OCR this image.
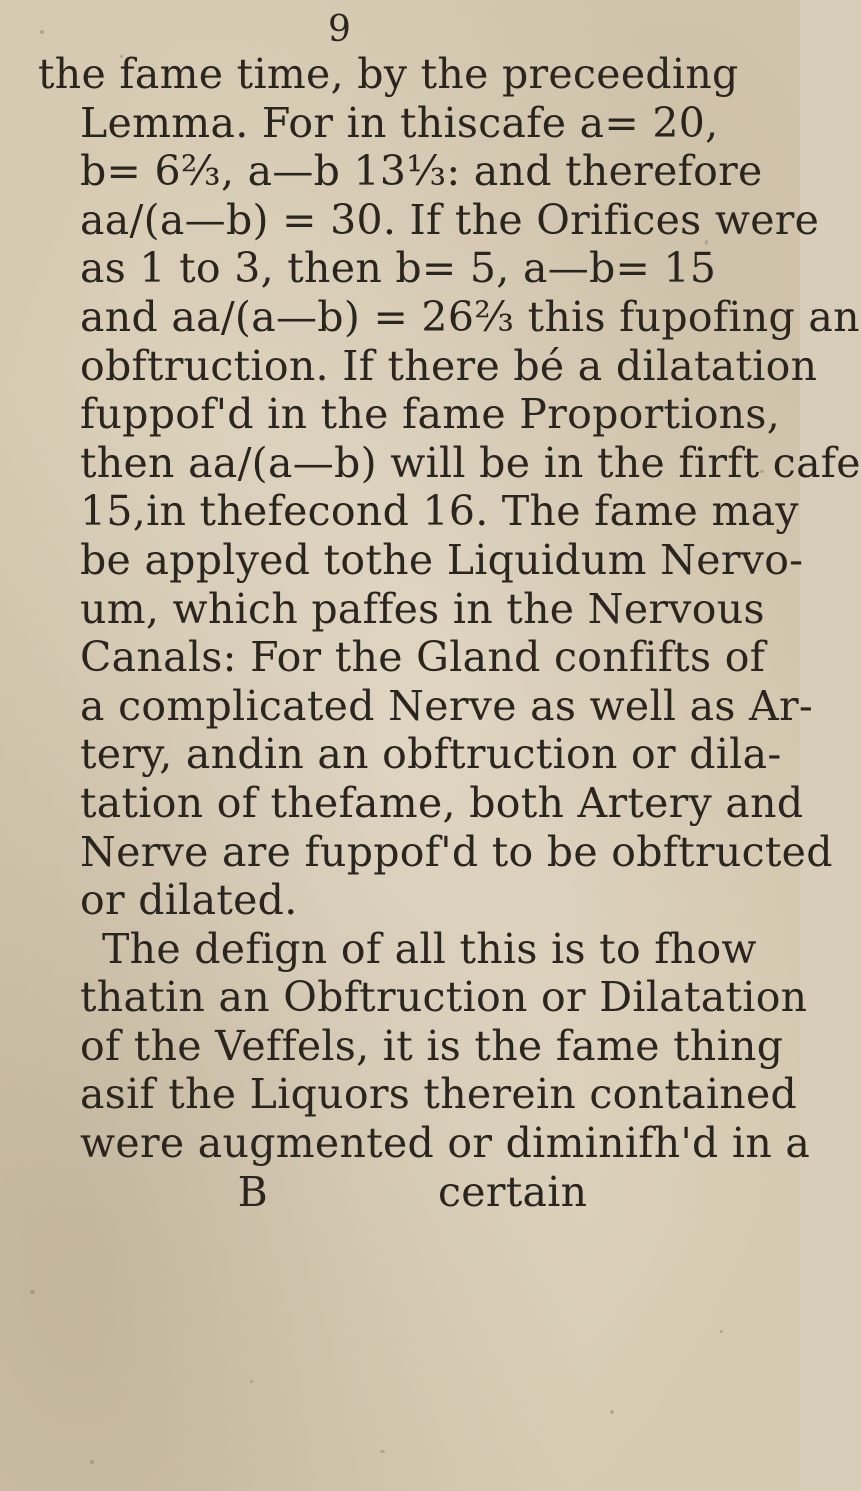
9
the fame time, by the preceeding
Lemma. For in thiscafe a= 20,
b= 6⅔, a—b 13⅓: and therefore
aa/(a—b) = 30. If the Orifices were
as 1 to 3, then b= 5, a—b= 15
and aa/(a—b) = 26⅔ this fupofing an
obftruction. If there bé a dilatation
fuppof'd in the fame Proportions,
then aa/(a—b) will be in the firft cafe
15,in thefecond 16. The fame may
be applyed tothe Liquidum Nervo-
um, which paffes in the Nervous
Canals: For the Gland confifts of
a complicated Nerve as well as Ar-
tery, andin an obftruction or dila-
tation of thefame, both Artery and
Nerve are fuppof'd to be obftructed
or dilated.
The defign of all this is to fhow
thatin an Obftruction or Dilatation
of the Veffels, it is the fame thing
asif the Liquors therein contained
were augmented or diminifh'd in a
B	certain
